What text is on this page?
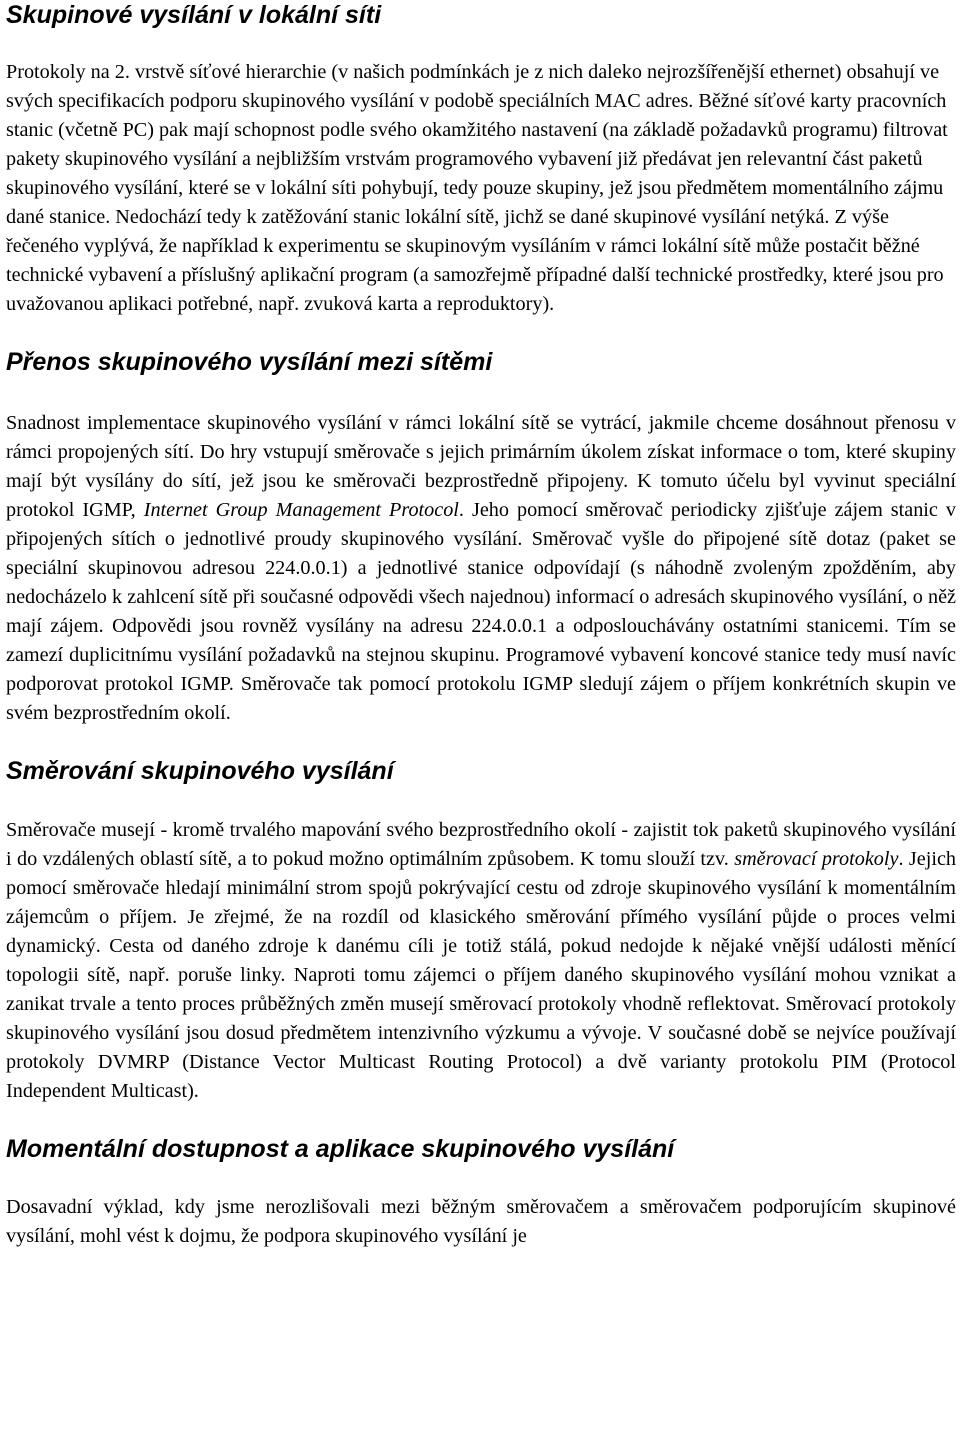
Skupinové vysílání v lokální síti

Protokoly na 2. vrstvě síťové hierarchie (v našich podmínkách je z nich daleko nejrozšířenější ethernet) obsahují ve svých specifikacích podporu skupinového vysílání v podobě speciálních MAC adres. Běžné síťové karty pracovních stanic (včetně PC) pak mají schopnost podle svého okamžitého nastavení (na základě požadavků programu) filtrovat pakety skupinového vysílání a nejbližším vrstvám programového vybavení již předávat jen relevantní část paketů skupinového vysílání, které se v lokální síti pohybují, tedy pouze skupiny, jež jsou předmětem momentálního zájmu dané stanice. Nedochází tedy k zatěžování stanic lokální sítě, jichž se dané skupinové vysílání netýká. Z výše řečeného vyplývá, že například k experimentu se skupinovým vysíláním v rámci lokální sítě může postačit běžné technické vybavení a příslušný aplikační program (a samozřejmě případné další technické prostředky, které jsou pro uvažovanou aplikaci potřebné, např. zvuková karta a reproduktory).

Přenos skupinového vysílání mezi sítěmi

Snadnost implementace skupinového vysílání v rámci lokální sítě se vytrácí, jakmile chceme dosáhnout přenosu v rámci propojených sítí. Do hry vstupují směrovače s jejich primárním úkolem získat informace o tom, které skupiny mají být vysílány do sítí, jež jsou ke směrovači bezprostředně připojeny. K tomuto účelu byl vyvinut speciální protokol IGMP, Internet Group Management Protocol. Jeho pomocí směrovač periodicky zjišťuje zájem stanic v připojených sítích o jednotlivé proudy skupinového vysílání. Směrovač vyšle do připojené sítě dotaz (paket se speciální skupinovou adresou 224.0.0.1) a jednotlivé stanice odpovídají (s náhodně zvoleným zpožděním, aby nedocházelo k zahlcení sítě při současné odpovědi všech najednou) informací o adresách skupinového vysílání, o něž mají zájem. Odpovědi jsou rovněž vysílány na adresu 224.0.0.1 a odposlouchávány ostatními stanicemi. Tím se zamezí duplicitnímu vysílání požadavků na stejnou skupinu. Programové vybavení koncové stanice tedy musí navíc podporovat protokol IGMP. Směrovače tak pomocí protokolu IGMP sledují zájem o příjem konkrétních skupin ve svém bezprostředním okolí.

Směrování skupinového vysílání

Směrovače musejí - kromě trvalého mapování svého bezprostředního okolí - zajistit tok paketů skupinového vysílání i do vzdálených oblastí sítě, a to pokud možno optimálním způsobem. K tomu slouží tzv. směrovací protokoly. Jejich pomocí směrovače hledají minimální strom spojů pokrývající cestu od zdroje skupinového vysílání k momentálním zájemcům o příjem. Je zřejmé, že na rozdíl od klasického směrování přímého vysílání půjde o proces velmi dynamický. Cesta od daného zdroje k danému cíli je totiž stálá, pokud nedojde k nějaké vnější události měnící topologii sítě, např. poruše linky. Naproti tomu zájemci o příjem daného skupinového vysílání mohou vznikat a zanikat trvale a tento proces průběžných změn musejí směrovací protokoly vhodně reflektovat. Směrovací protokoly skupinového vysílání jsou dosud předmětem intenzivního výzkumu a vývoje. V současné době se nejvíce používají protokoly DVMRP (Distance Vector Multicast Routing Protocol) a dvě varianty protokolu PIM (Protocol Independent Multicast).

Momentální dostupnost a aplikace skupinového vysílání

Dosavadní výklad, kdy jsme nerozlišovali mezi běžným směrovačem a směrovačem podporujícím skupinové vysílání, mohl vést k dojmu, že podpora skupinového vysílání je
